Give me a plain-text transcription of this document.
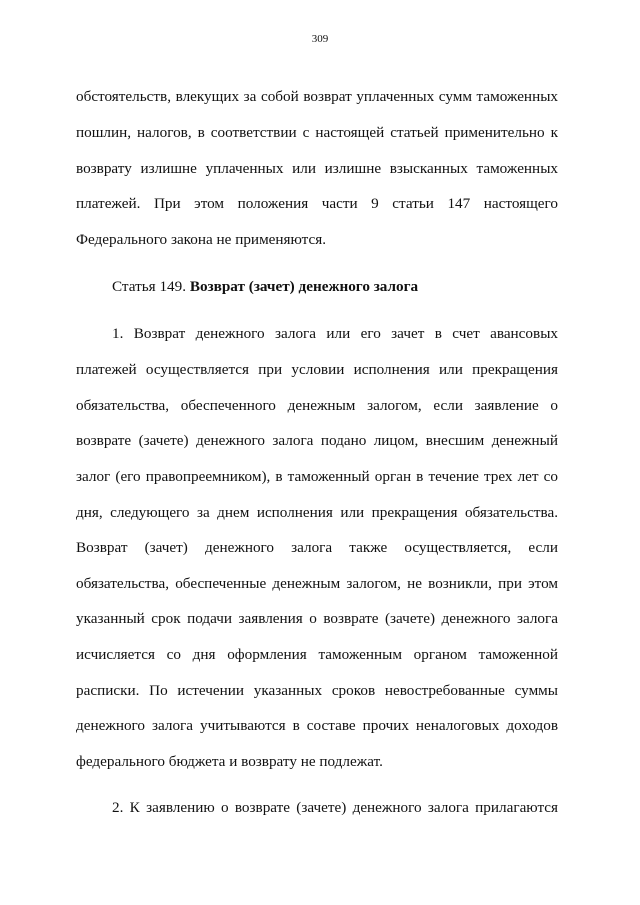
309
обстоятельств, влекущих за собой возврат уплаченных сумм таможенных
пошлин, налогов, в соответствии с настоящей статьей применительно к
возврату излишне уплаченных или излишне взысканных таможенных
платежей. При этом положения части 9 статьи 147 настоящего
Федерального закона не применяются.
Статья 149. Возврат (зачет) денежного залога
1. Возврат денежного залога или его зачет в счет авансовых
платежей осуществляется при условии исполнения или прекращения
обязательства, обеспеченного денежным залогом, если заявление о
возврате (зачете) денежного залога подано лицом, внесшим денежный
залог (его правопреемником), в таможенный орган в течение трех лет со
дня, следующего за днем исполнения или прекращения обязательства.
Возврат (зачет) денежного залога также осуществляется, если
обязательства, обеспеченные денежным залогом, не возникли, при этом
указанный срок подачи заявления о возврате (зачете) денежного залога
исчисляется со дня оформления таможенным органом таможенной
расписки. По истечении указанных сроков невостребованные суммы
денежного залога учитываются в составе прочих неналоговых доходов
федерального бюджета и возврату не подлежат.
2. К заявлению о возврате (зачете) денежного залога прилагаются
